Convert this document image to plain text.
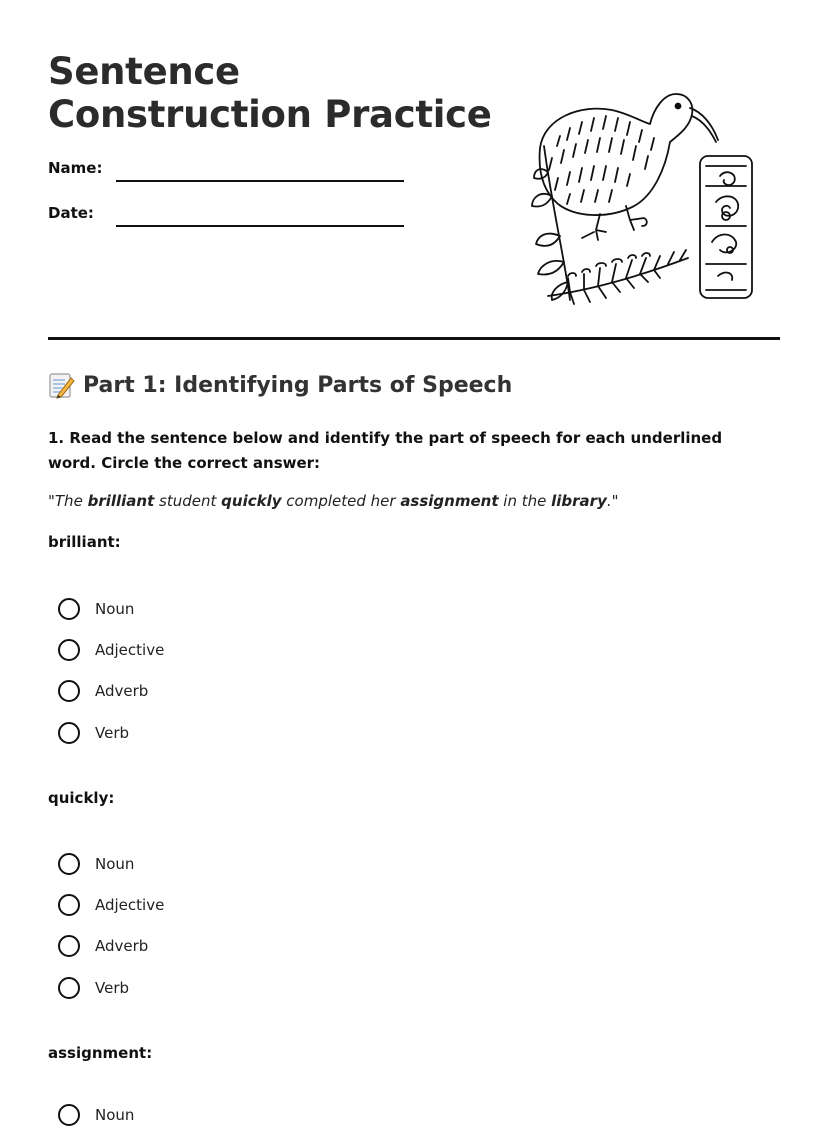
Sentence Construction Practice
Name:
Date:
Part 1: Identifying Parts of Speech
1. Read the sentence below and identify the part of speech for each underlined word. Circle the correct answer:
"The brilliant student quickly completed her assignment in the library."
brilliant:
Noun
Adjective
Adverb
Verb
quickly:
Noun
Adjective
Adverb
Verb
assignment:
Noun
